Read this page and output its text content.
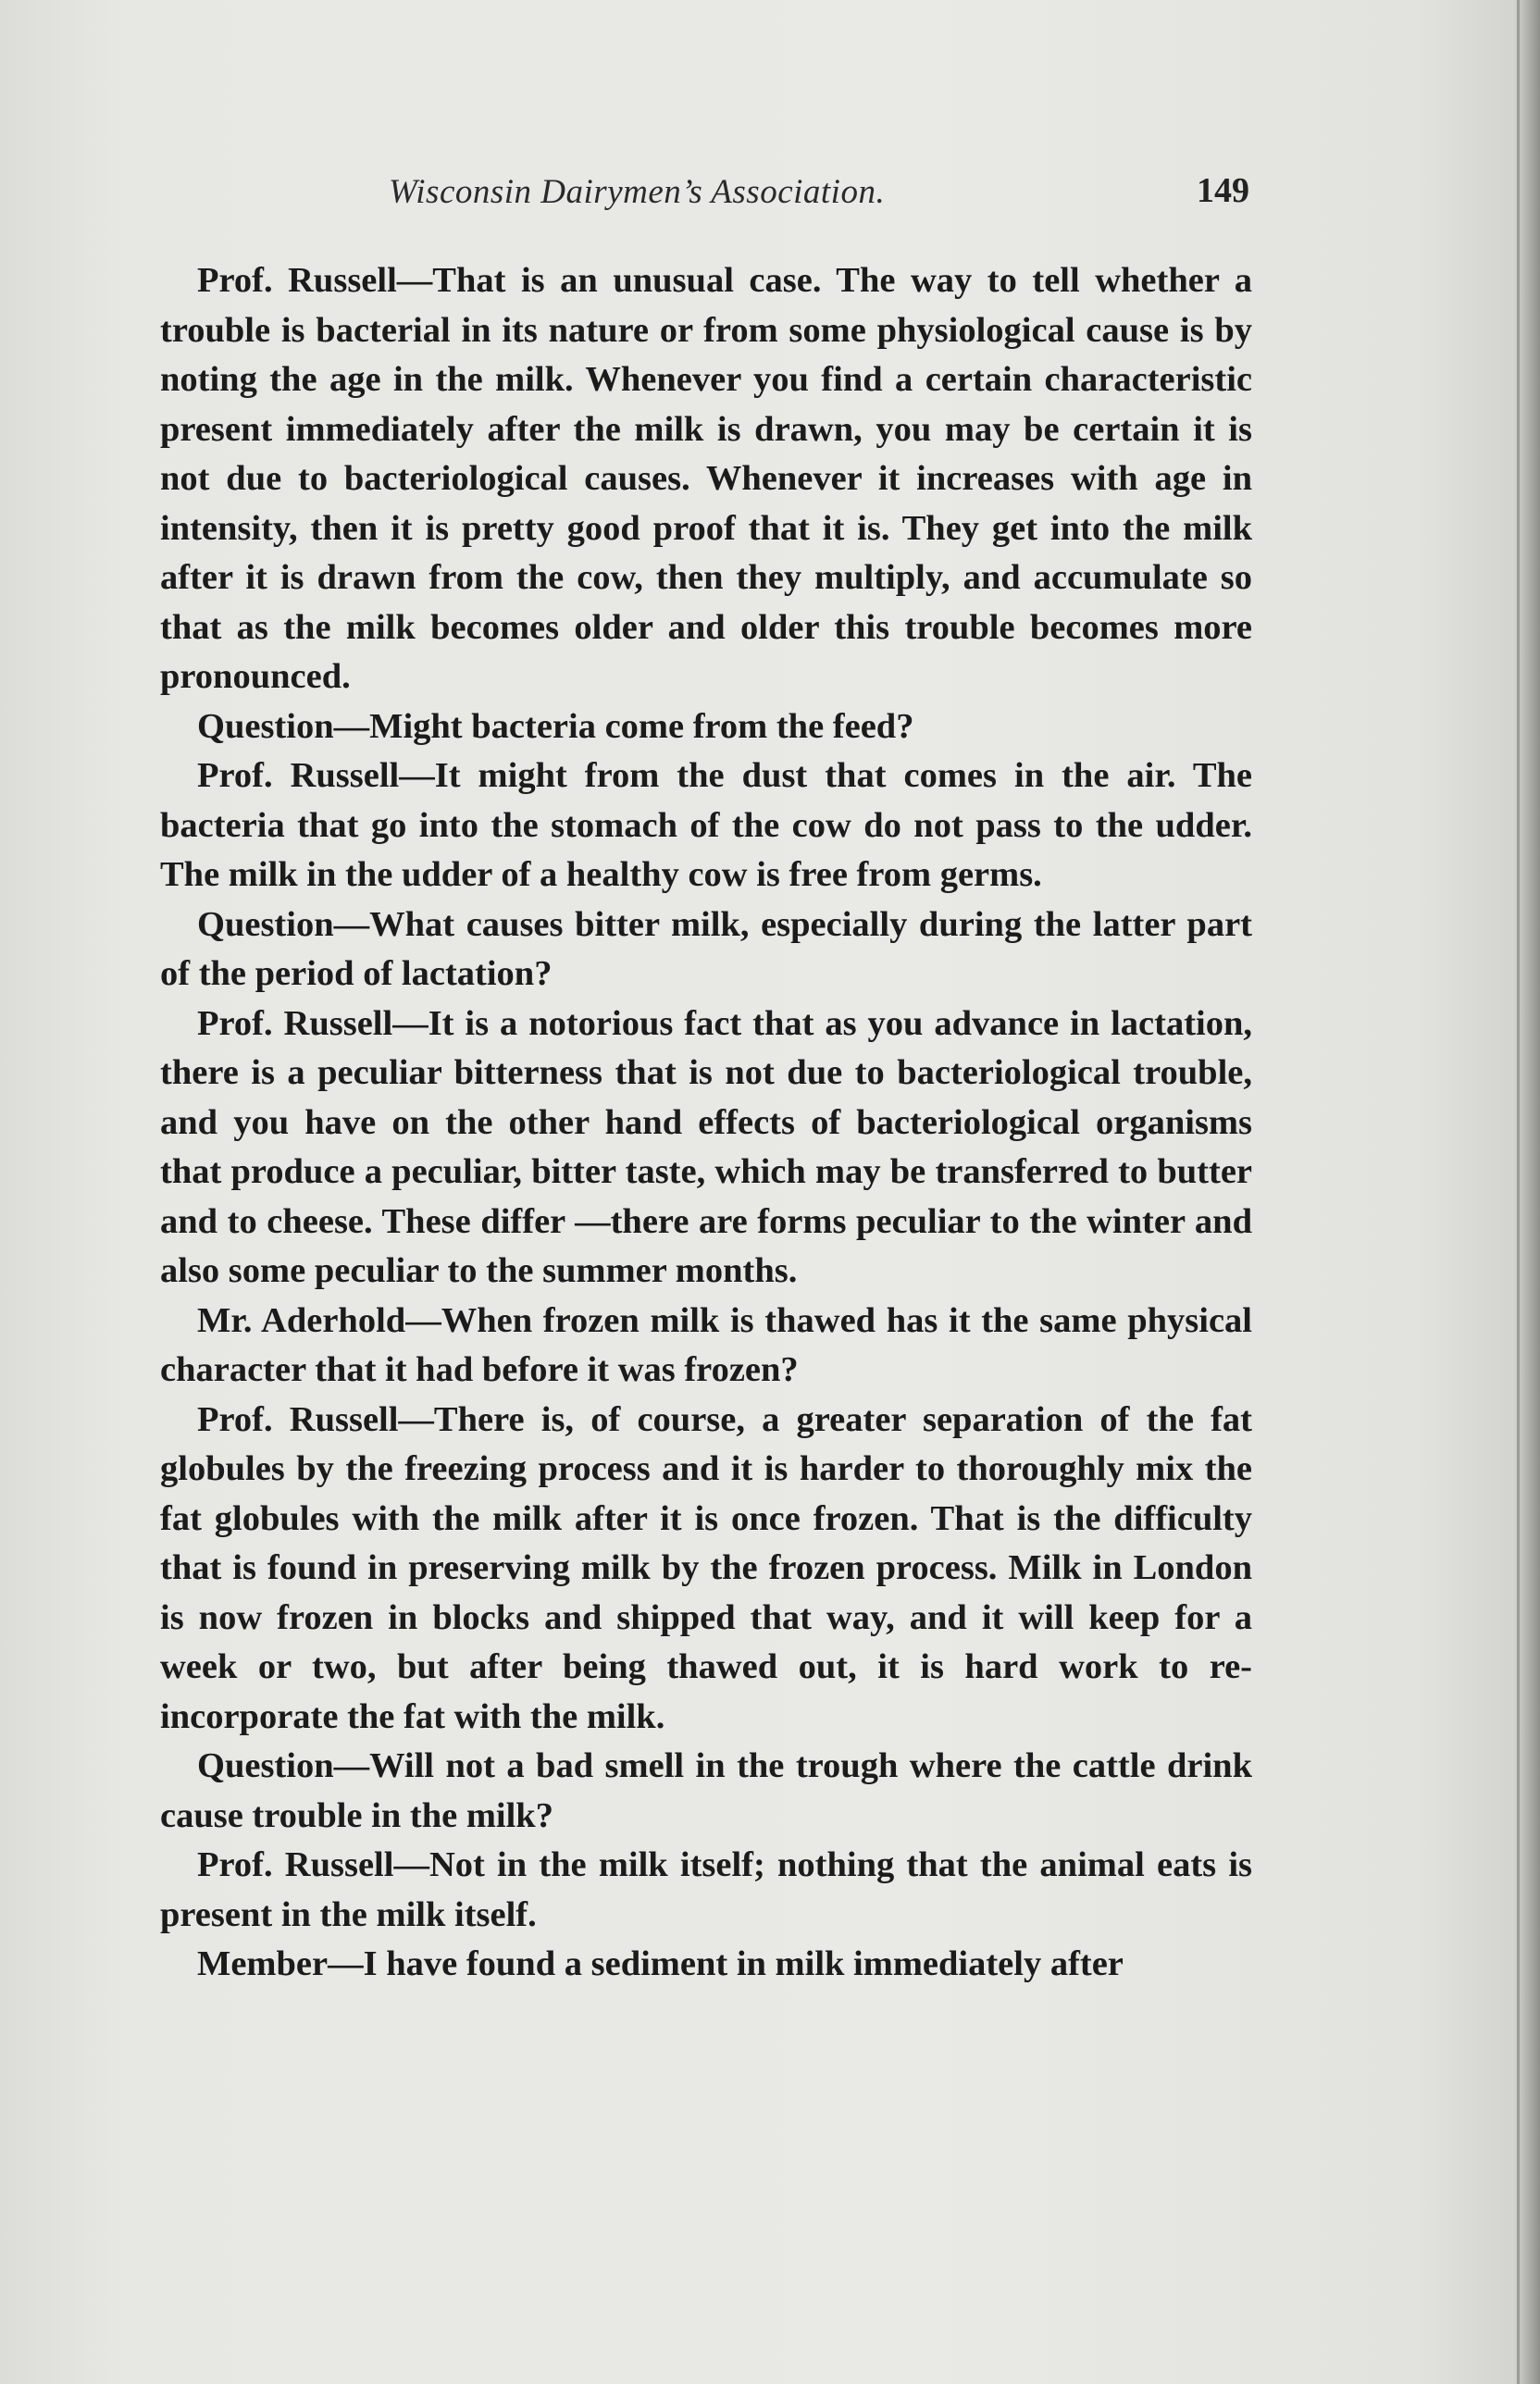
Wisconsin Dairymen’s Association.	149

Prof. Russell—That is an unusual case. The way to tell whether a trouble is bacterial in its nature or from some physiological cause is by noting the age in the milk. Whenever you find a certain characteristic present immediately after the milk is drawn, you may be certain it is not due to bacteriological causes. Whenever it increases with age in intensity, then it is pretty good proof that it is. They get into the milk after it is drawn from the cow, then they multiply, and accumulate so that as the milk becomes older and older this trouble becomes more pronounced.

Question—Might bacteria come from the feed?

Prof. Russell—It might from the dust that comes in the air. The bacteria that go into the stomach of the cow do not pass to the udder. The milk in the udder of a healthy cow is free from germs.

Question—What causes bitter milk, especially during the latter part of the period of lactation?

Prof. Russell—It is a notorious fact that as you advance in lactation, there is a peculiar bitterness that is not due to bacteriological trouble, and you have on the other hand effects of bacteriological organisms that produce a peculiar, bitter taste, which may be transferred to butter and to cheese. These differ —there are forms peculiar to the winter and also some peculiar to the summer months.

Mr. Aderhold—When frozen milk is thawed has it the same physical character that it had before it was frozen?

Prof. Russell—There is, of course, a greater separation of the fat globules by the freezing process and it is harder to thoroughly mix the fat globules with the milk after it is once frozen. That is the difficulty that is found in preserving milk by the frozen process. Milk in London is now frozen in blocks and shipped that way, and it will keep for a week or two, but after being thawed out, it is hard work to re-incorporate the fat with the milk.

Question—Will not a bad smell in the trough where the cattle drink cause trouble in the milk?

Prof. Russell—Not in the milk itself; nothing that the animal eats is present in the milk itself.

Member—I have found a sediment in milk immediately after
